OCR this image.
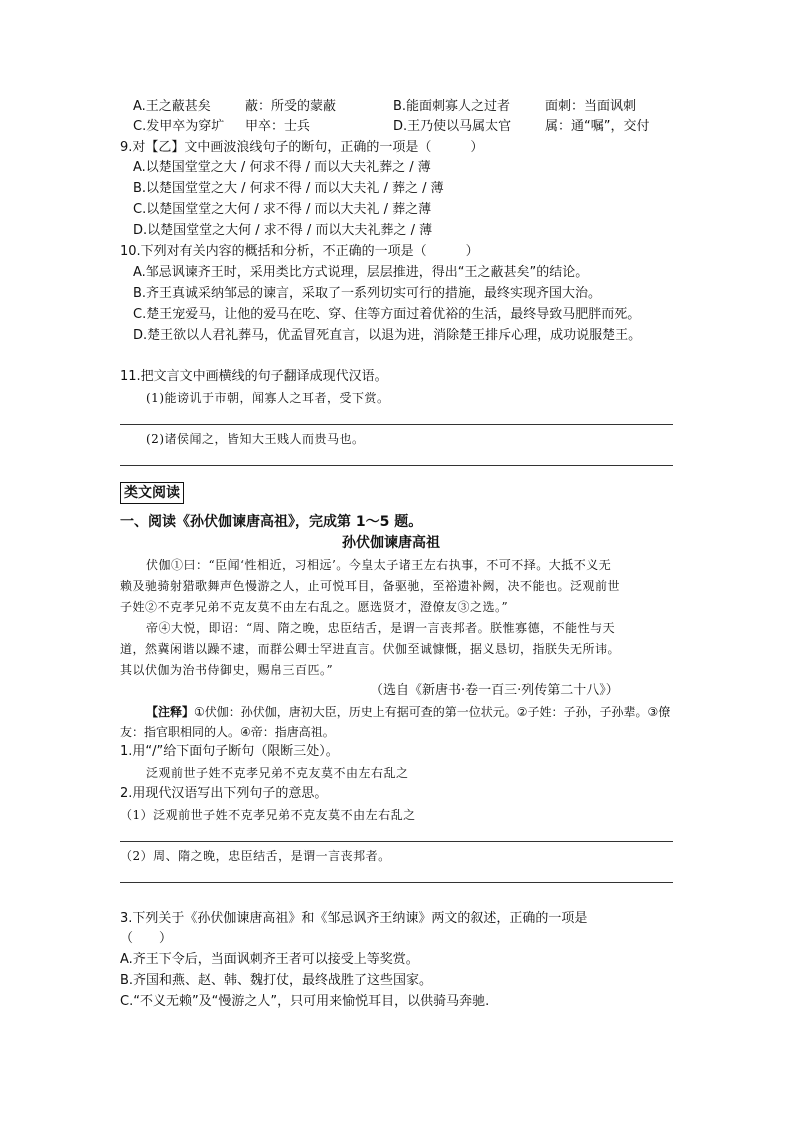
A.王之蔽甚矣	蔽：所受的蒙蔽	B.能面刺寡人之过者	面刺：当面讽刺
C.发甲卒为穿圹 甲卒：士兵	D.王乃使以马属太官	属：通“嘱”，交付
9.对【乙】文中画波浪线句子的断句，正确的一项是（　　　）
A.以楚国堂堂之大 / 何求不得 / 而以大夫礼葬之 / 薄
B.以楚国堂堂之大 / 何求不得 / 而以大夫礼 / 葬之 / 薄
C.以楚国堂堂之大何 / 求不得 / 而以大夫礼 / 葬之薄
D.以楚国堂堂之大何 / 求不得 / 而以大夫礼葬之 / 薄
10.下列对有关内容的概括和分析，不正确的一项是（　　　）
A.邹忌讽谏齐王时，采用类比方式说理，层层推进，得出“王之蔽甚矣”的结论。
B.齐王真诚采纳邹忌的谏言，采取了一系列切实可行的措施，最终实现齐国大治。
C.楚王宠爱马，让他的爱马在吃、穿、住等方面过着优裕的生活，最终导致马肥胖而死。
D.楚王欲以人君礼葬马，优孟冒死直言，以退为进，消除楚王排斥心理，成功说服楚王。
11.把文言文中画横线的句子翻译成现代汉语。
(1)能谤讥于市朝，闻寡人之耳者，受下赏。
(2)诸侯闻之，皆知大王贱人而贵马也。
类文阅读
一、阅读《孙伏伽谏唐高祖》，完成第 1～5 题。
孙伏伽谏唐高祖
伏伽①曰：“臣闻‘性相近，习相远’。今皇太子诸王左右执事，不可不择。大抵不义无
赖及驰骑射猎歌舞声色慢游之人，止可悦耳目，备驱驰，至裕遗补阙，决不能也。泛观前世
子姓②不克孝兄弟不克友莫不由左右乱之。愿选贤才，澄僚友③之选。”
帝④大悦，即诏：“周、隋之晚，忠臣结舌，是谓一言丧邦者。朕惟寡德，不能性与天
道，然冀闲谐以躁不逮，而群公卿士罕进直言。伏伽至诚慷慨，据义恳切，指朕失无所讳。
其以伏伽为治书侍御史，赐帛三百匹。”
（选自《新唐书·卷一百三·列传第二十八》）
【注释】①伏伽：孙伏伽，唐初大臣，历史上有据可查的第一位状元。②子姓：子孙，子孙辈。③僚
友：指官职相同的人。④帝：指唐高祖。
1.用“/”给下面句子断句（限断三处）。
泛观前世子姓不克孝兄弟不克友莫不由左右乱之
2.用现代汉语写出下列句子的意思。
（1）泛观前世子姓不克孝兄弟不克友莫不由左右乱之
（2）周、隋之晚，忠臣结舌，是谓一言丧邦者。
3.下列关于《孙伏伽谏唐高祖》和《邹忌讽齐王纳谏》两文的叙述，正确的一项是
（　　）
A.齐王下令后，当面讽刺齐王者可以接受上等奖赏。
B.齐国和燕、赵、韩、魏打仗，最终战胜了这些国家。
C.“不义无赖”及“慢游之人”，只可用来愉悦耳目，以供骑马奔驰.
